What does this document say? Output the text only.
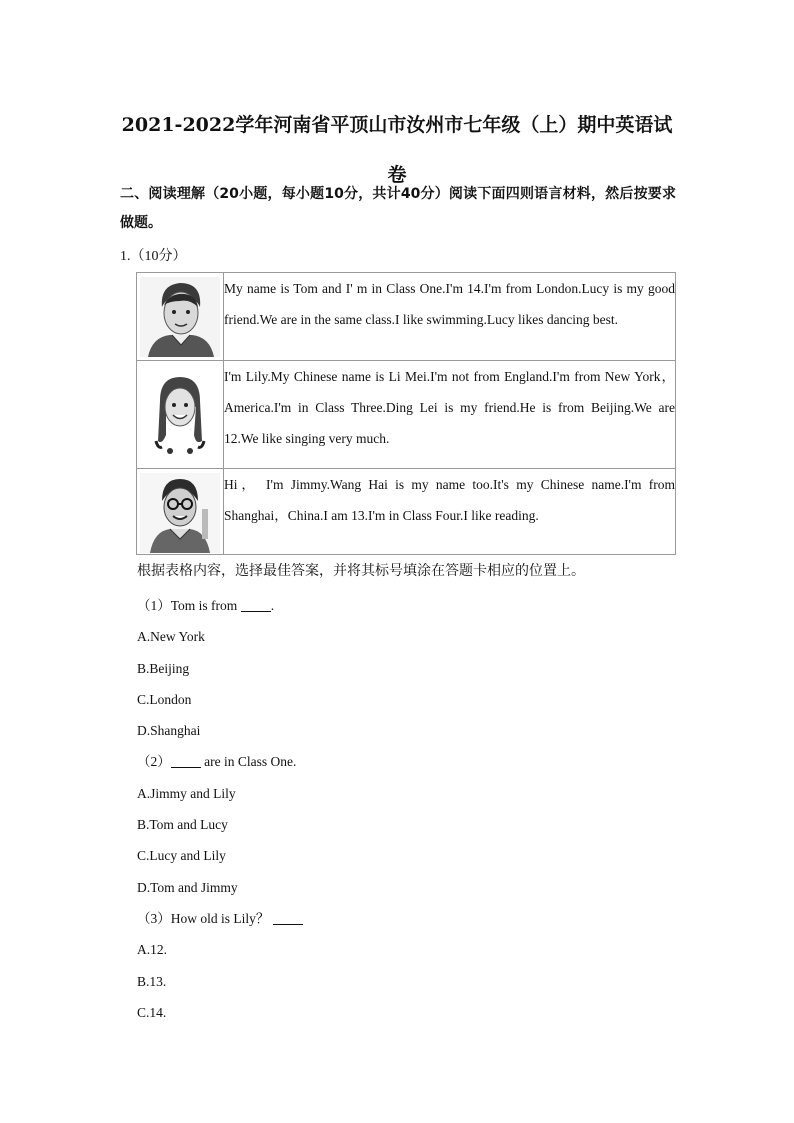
2021-2022学年河南省平顶山市汝州市七年级（上）期中英语试
卷
二、阅读理解（20小题，每小题10分，共计40分）阅读下面四则语言材料，然后按要求做题。
1.（10分）
	My name is Tom and I' m in Class One.I'm 14.I'm from London.Lucy is my good friend.We are in the same class.I like swimming.Lucy likes dancing best.

	I'm Lily.My Chinese name is Li Mei.I'm not from England.I'm from New York，America.I'm in Class Three.Ding Lei is my friend.He is from Beijing.We are 12.We like singing very much.

	Hi， I'm Jimmy.Wang Hai is my name too.It's my Chinese name.I'm from Shanghai，China.I am 13.I'm in Class Four.I like reading.
根据表格内容，选择最佳答案，并将其标号填涂在答题卡相应的位置上。
（1）Tom is from .
A.New York
B.Beijing
C.London
D.Shanghai
（2） are in Class One.
A.Jimmy and Lily
B.Tom and Lucy
C.Lucy and Lily
D.Tom and Jimmy
（3）How old is Lily？
A.12.
B.13.
C.14.
